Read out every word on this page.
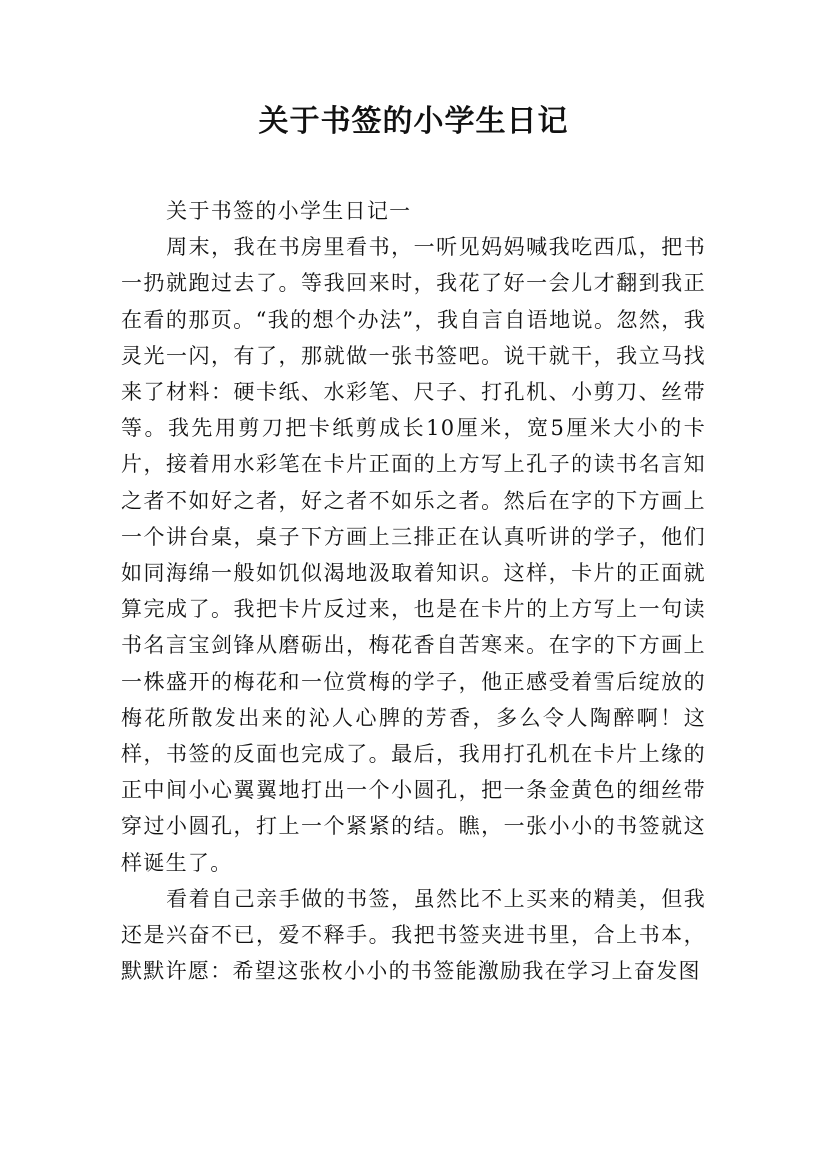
关于书签的小学生日记

关于书签的小学生日记一

周末，我在书房里看书，一听见妈妈喊我吃西瓜，把书一扔就跑过去了。等我回来时，我花了好一会儿才翻到我正在看的那页。“我的想个办法”，我自言自语地说。忽然，我灵光一闪，有了，那就做一张书签吧。说干就干，我立马找来了材料：硬卡纸、水彩笔、尺子、打孔机、小剪刀、丝带等。我先用剪刀把卡纸剪成长10厘米，宽5厘米大小的卡片，接着用水彩笔在卡片正面的上方写上孔子的读书名言知之者不如好之者，好之者不如乐之者。然后在字的下方画上一个讲台桌，桌子下方画上三排正在认真听讲的学子，他们如同海绵一般如饥似渴地汲取着知识。这样，卡片的正面就算完成了。我把卡片反过来，也是在卡片的上方写上一句读书名言宝剑锋从磨砺出，梅花香自苦寒来。在字的下方画上一株盛开的梅花和一位赏梅的学子，他正感受着雪后绽放的梅花所散发出来的沁人心脾的芳香，多么令人陶醉啊！这样，书签的反面也完成了。最后，我用打孔机在卡片上缘的正中间小心翼翼地打出一个小圆孔，把一条金黄色的细丝带穿过小圆孔，打上一个紧紧的结。瞧，一张小小的书签就这样诞生了。

看着自己亲手做的书签，虽然比不上买来的精美，但我还是兴奋不已，爱不释手。我把书签夹进书里，合上书本，默默许愿：希望这张枚小小的书签能激励我在学习上奋发图
